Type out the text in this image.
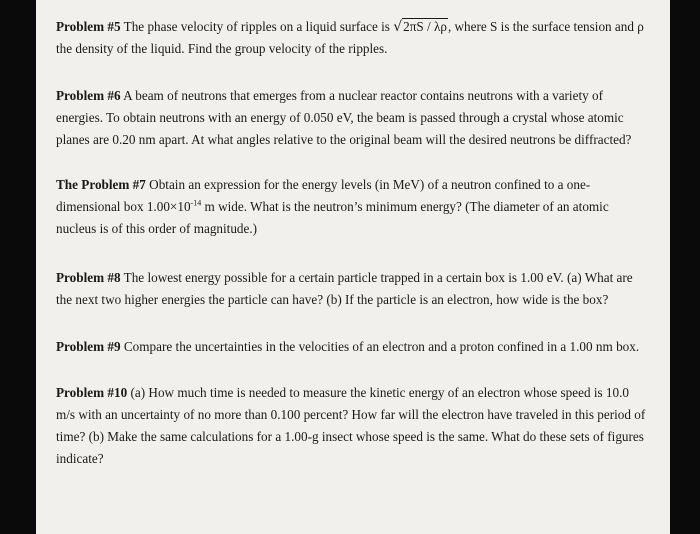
Problem #5 The phase velocity of ripples on a liquid surface is √2πS / λρ, where S is the surface tension and ρ the density of the liquid. Find the group velocity of the ripples.

Problem #6 A beam of neutrons that emerges from a nuclear reactor contains neutrons with a variety of energies. To obtain neutrons with an energy of 0.050 eV, the beam is passed through a crystal whose atomic planes are 0.20 nm apart. At what angles relative to the original beam will the desired neutrons be diffracted?

The Problem #7 Obtain an expression for the energy levels (in MeV) of a neutron confined to a one-dimensional box $1.00\times 10^{-14}$ m wide. What is the neutron’s minimum energy? (The diameter of an atomic nucleus is of this order of magnitude.)

Problem #8 The lowest energy possible for a certain particle trapped in a certain box is 1.00 eV. (a) What are the next two higher energies the particle can have? (b) If the particle is an electron, how wide is the box?

Problem #9 Compare the uncertainties in the velocities of an electron and a proton confined in a 1.00 nm box.

Problem #10 (a) How much time is needed to measure the kinetic energy of an electron whose speed is 10.0 m/s with an uncertainty of no more than 0.100 percent? How far will the electron have traveled in this period of time? (b) Make the same calculations for a 1.00-g insect whose speed is the same. What do these sets of figures indicate?
